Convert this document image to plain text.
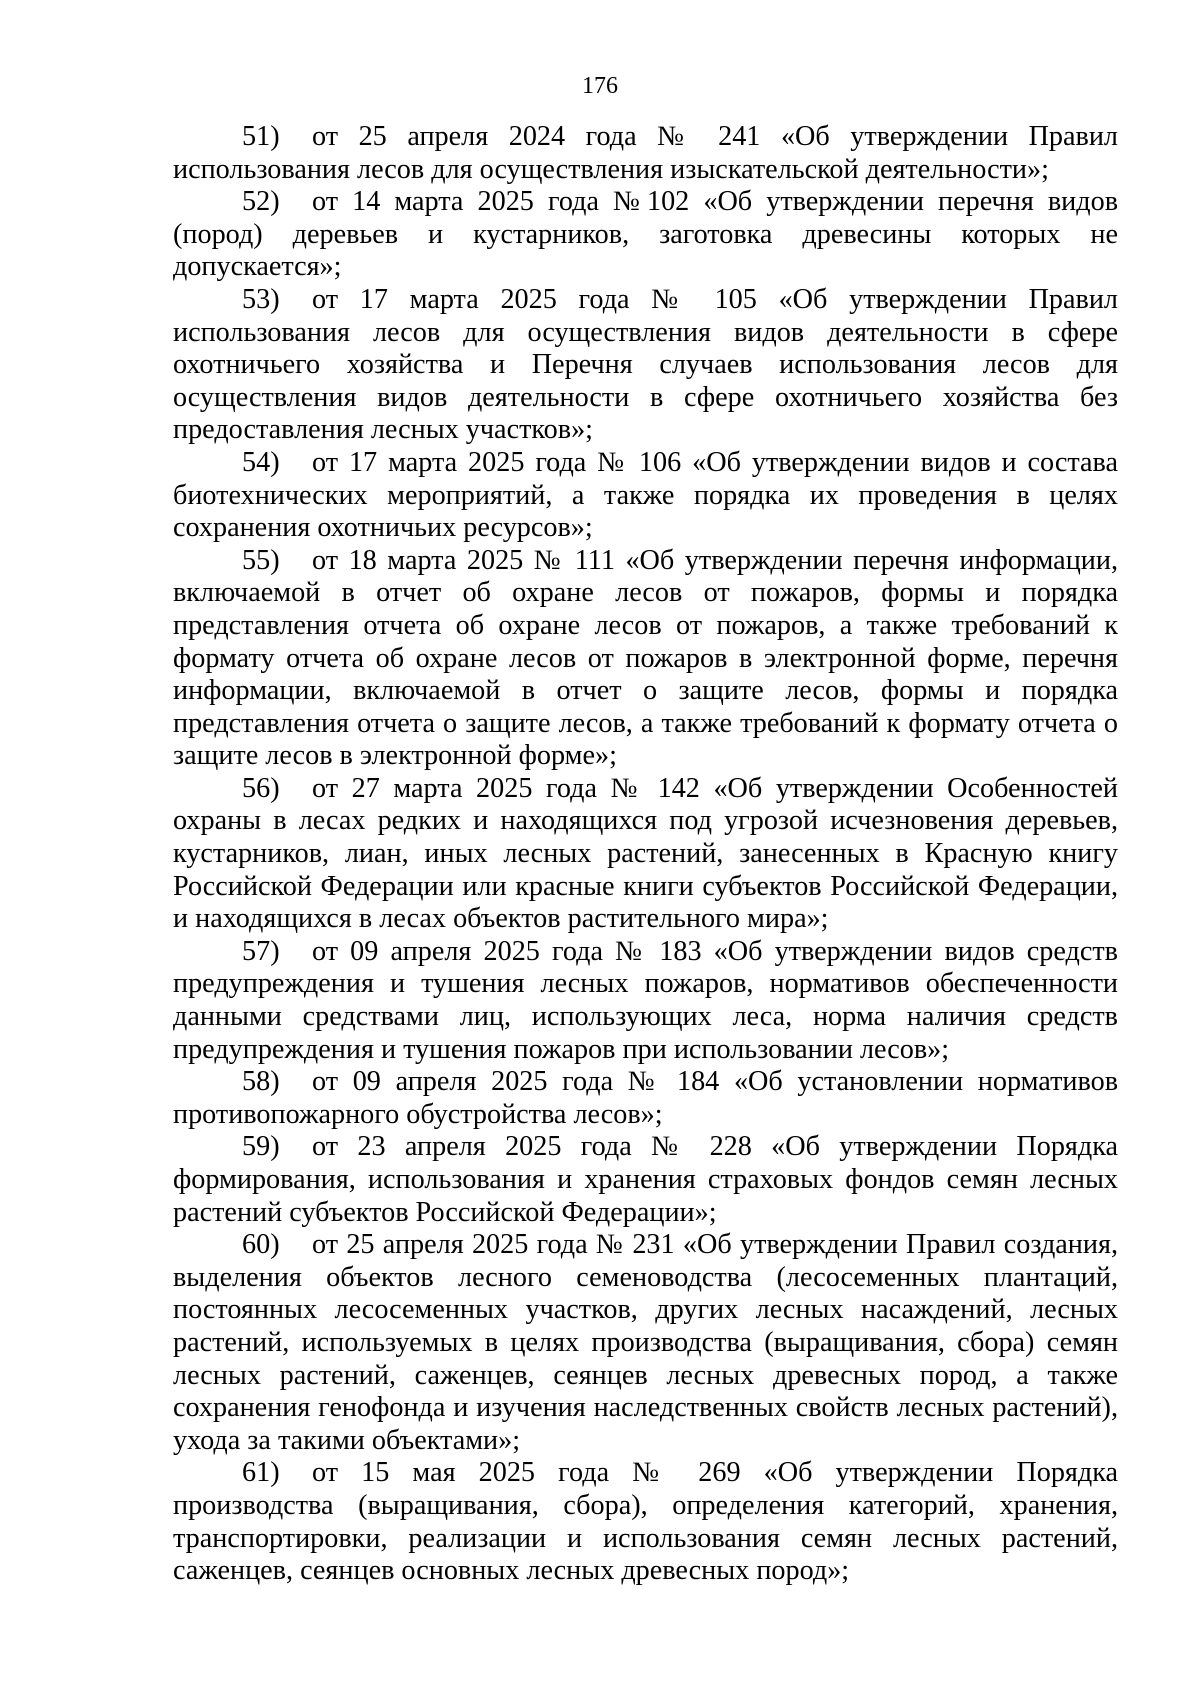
176

51) от 25 апреля 2024 года № 241 «Об утверждении Правил использования лесов для осуществления изыскательской деятельности»;

52) от 14 марта 2025 года №102 «Об утверждении перечня видов (пород) деревьев и кустарников, заготовка древесины которых не допускается»;

53) от 17 марта 2025 года № 105 «Об утверждении Правил использования лесов для осуществления видов деятельности в сфере охотничьего хозяйства и Перечня случаев использования лесов для осуществления видов деятельности в сфере охотничьего хозяйства без предоставления лесных участков»;

54) от 17 марта 2025 года № 106 «Об утверждении видов и состава биотехнических мероприятий, а также порядка их проведения в целях сохранения охотничьих ресурсов»;

55) от 18 марта 2025 № 111 «Об утверждении перечня информации, включаемой в отчет об охране лесов от пожаров, формы и порядка представления отчета об охране лесов от пожаров, а также требований к формату отчета об охране лесов от пожаров в электронной форме, перечня информации, включаемой в отчет о защите лесов, формы и порядка представления отчета о защите лесов, а также требований к формату отчета о защите лесов в электронной форме»;

56) от 27 марта 2025 года № 142 «Об утверждении Особенностей охраны в лесах редких и находящихся под угрозой исчезновения деревьев, кустарников, лиан, иных лесных растений, занесенных в Красную книгу Российской Федерации или красные книги субъектов Российской Федерации, и находящихся в лесах объектов растительного мира»;

57) от 09 апреля 2025 года № 183 «Об утверждении видов средств предупреждения и тушения лесных пожаров, нормативов обеспеченности данными средствами лиц, использующих леса, норма наличия средств предупреждения и тушения пожаров при использовании лесов»;

58) от 09 апреля 2025 года № 184 «Об установлении нормативов противопожарного обустройства лесов»;

59) от 23 апреля 2025 года № 228 «Об утверждении Порядка формирования, использования и хранения страховых фондов семян лесных растений субъектов Российской Федерации»;

60) от 25 апреля 2025 года № 231 «Об утверждении Правил создания, выделения объектов лесного семеноводства (лесосеменных плантаций, постоянных лесосеменных участков, других лесных насаждений, лесных растений, используемых в целях производства (выращивания, сбора) семян лесных растений, саженцев, сеянцев лесных древесных пород, а также сохранения генофонда и изучения наследственных свойств лесных растений), ухода за такими объектами»;

61) от 15 мая 2025 года № 269 «Об утверждении Порядка производства (выращивания, сбора), определения категорий, хранения, транспортировки, реализации и использования семян лесных растений, саженцев, сеянцев основных лесных древесных пород»;
